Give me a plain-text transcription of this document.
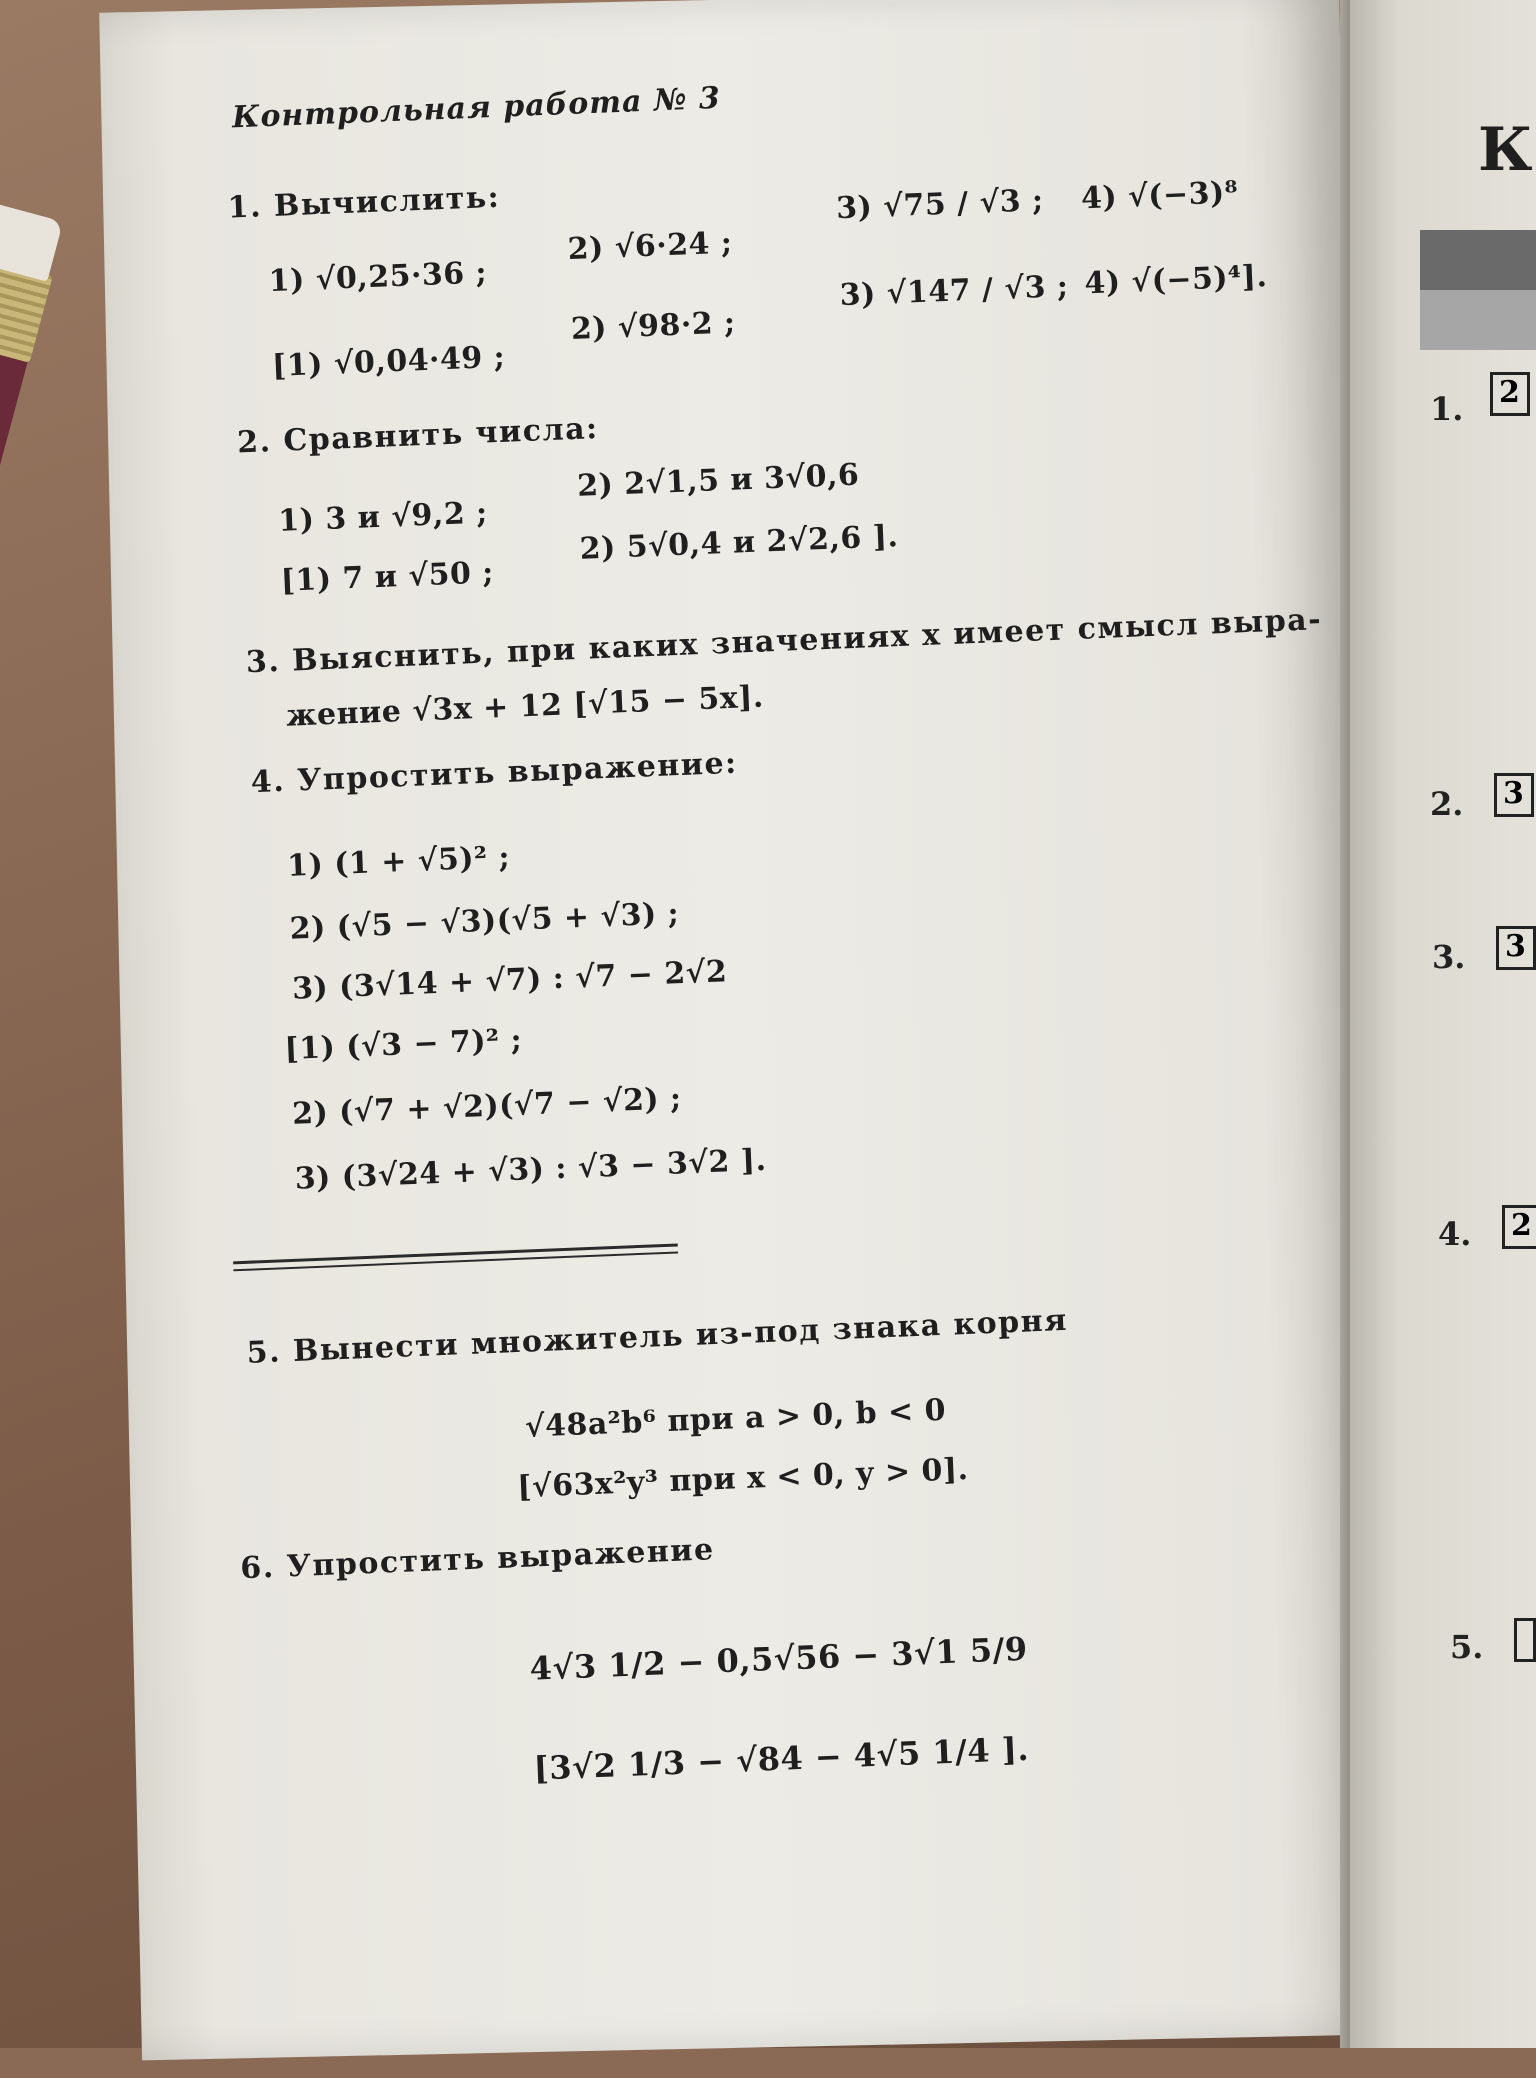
Контрольная работа № 3
1. Вычислить:
1) √0,25·36 ;
2) √6·24 ;
3) √75 / √3 ; 4) √(−3)⁸
[1) √0,04·49 ;
2) √98·2 ;
3) √147 / √3 ; 4) √(−5)⁴].
2. Сравнить числа:
1) 3 и √9,2 ;
2) 2√1,5 и 3√0,6
[1) 7 и √50 ;
2) 5√0,4 и 2√2,6 ].
3. Выяснить, при каких значениях x имеет смысл выра-
жение √3x + 12 [√15 − 5x].
4. Упростить выражение:
1) (1 + √5)² ;
2) (√5 − √3)(√5 + √3) ;
3) (3√14 + √7) : √7 − 2√2
[1) (√3 − 7)² ;
2) (√7 + √2)(√7 − √2) ;
3) (3√24 + √3) : √3 − 3√2 ].
5. Вынести множитель из-под знака корня
√48a²b⁶ при a > 0, b < 0
[√63x²y³ при x < 0, y > 0].
6. Упростить выражение
4√3 1/2 − 0,5√56 − 3√1 5/9
[3√2 1/3 − √84 − 4√5 1/4 ].
К
1.	2
2.	3
3.	3
4.	2
5.
